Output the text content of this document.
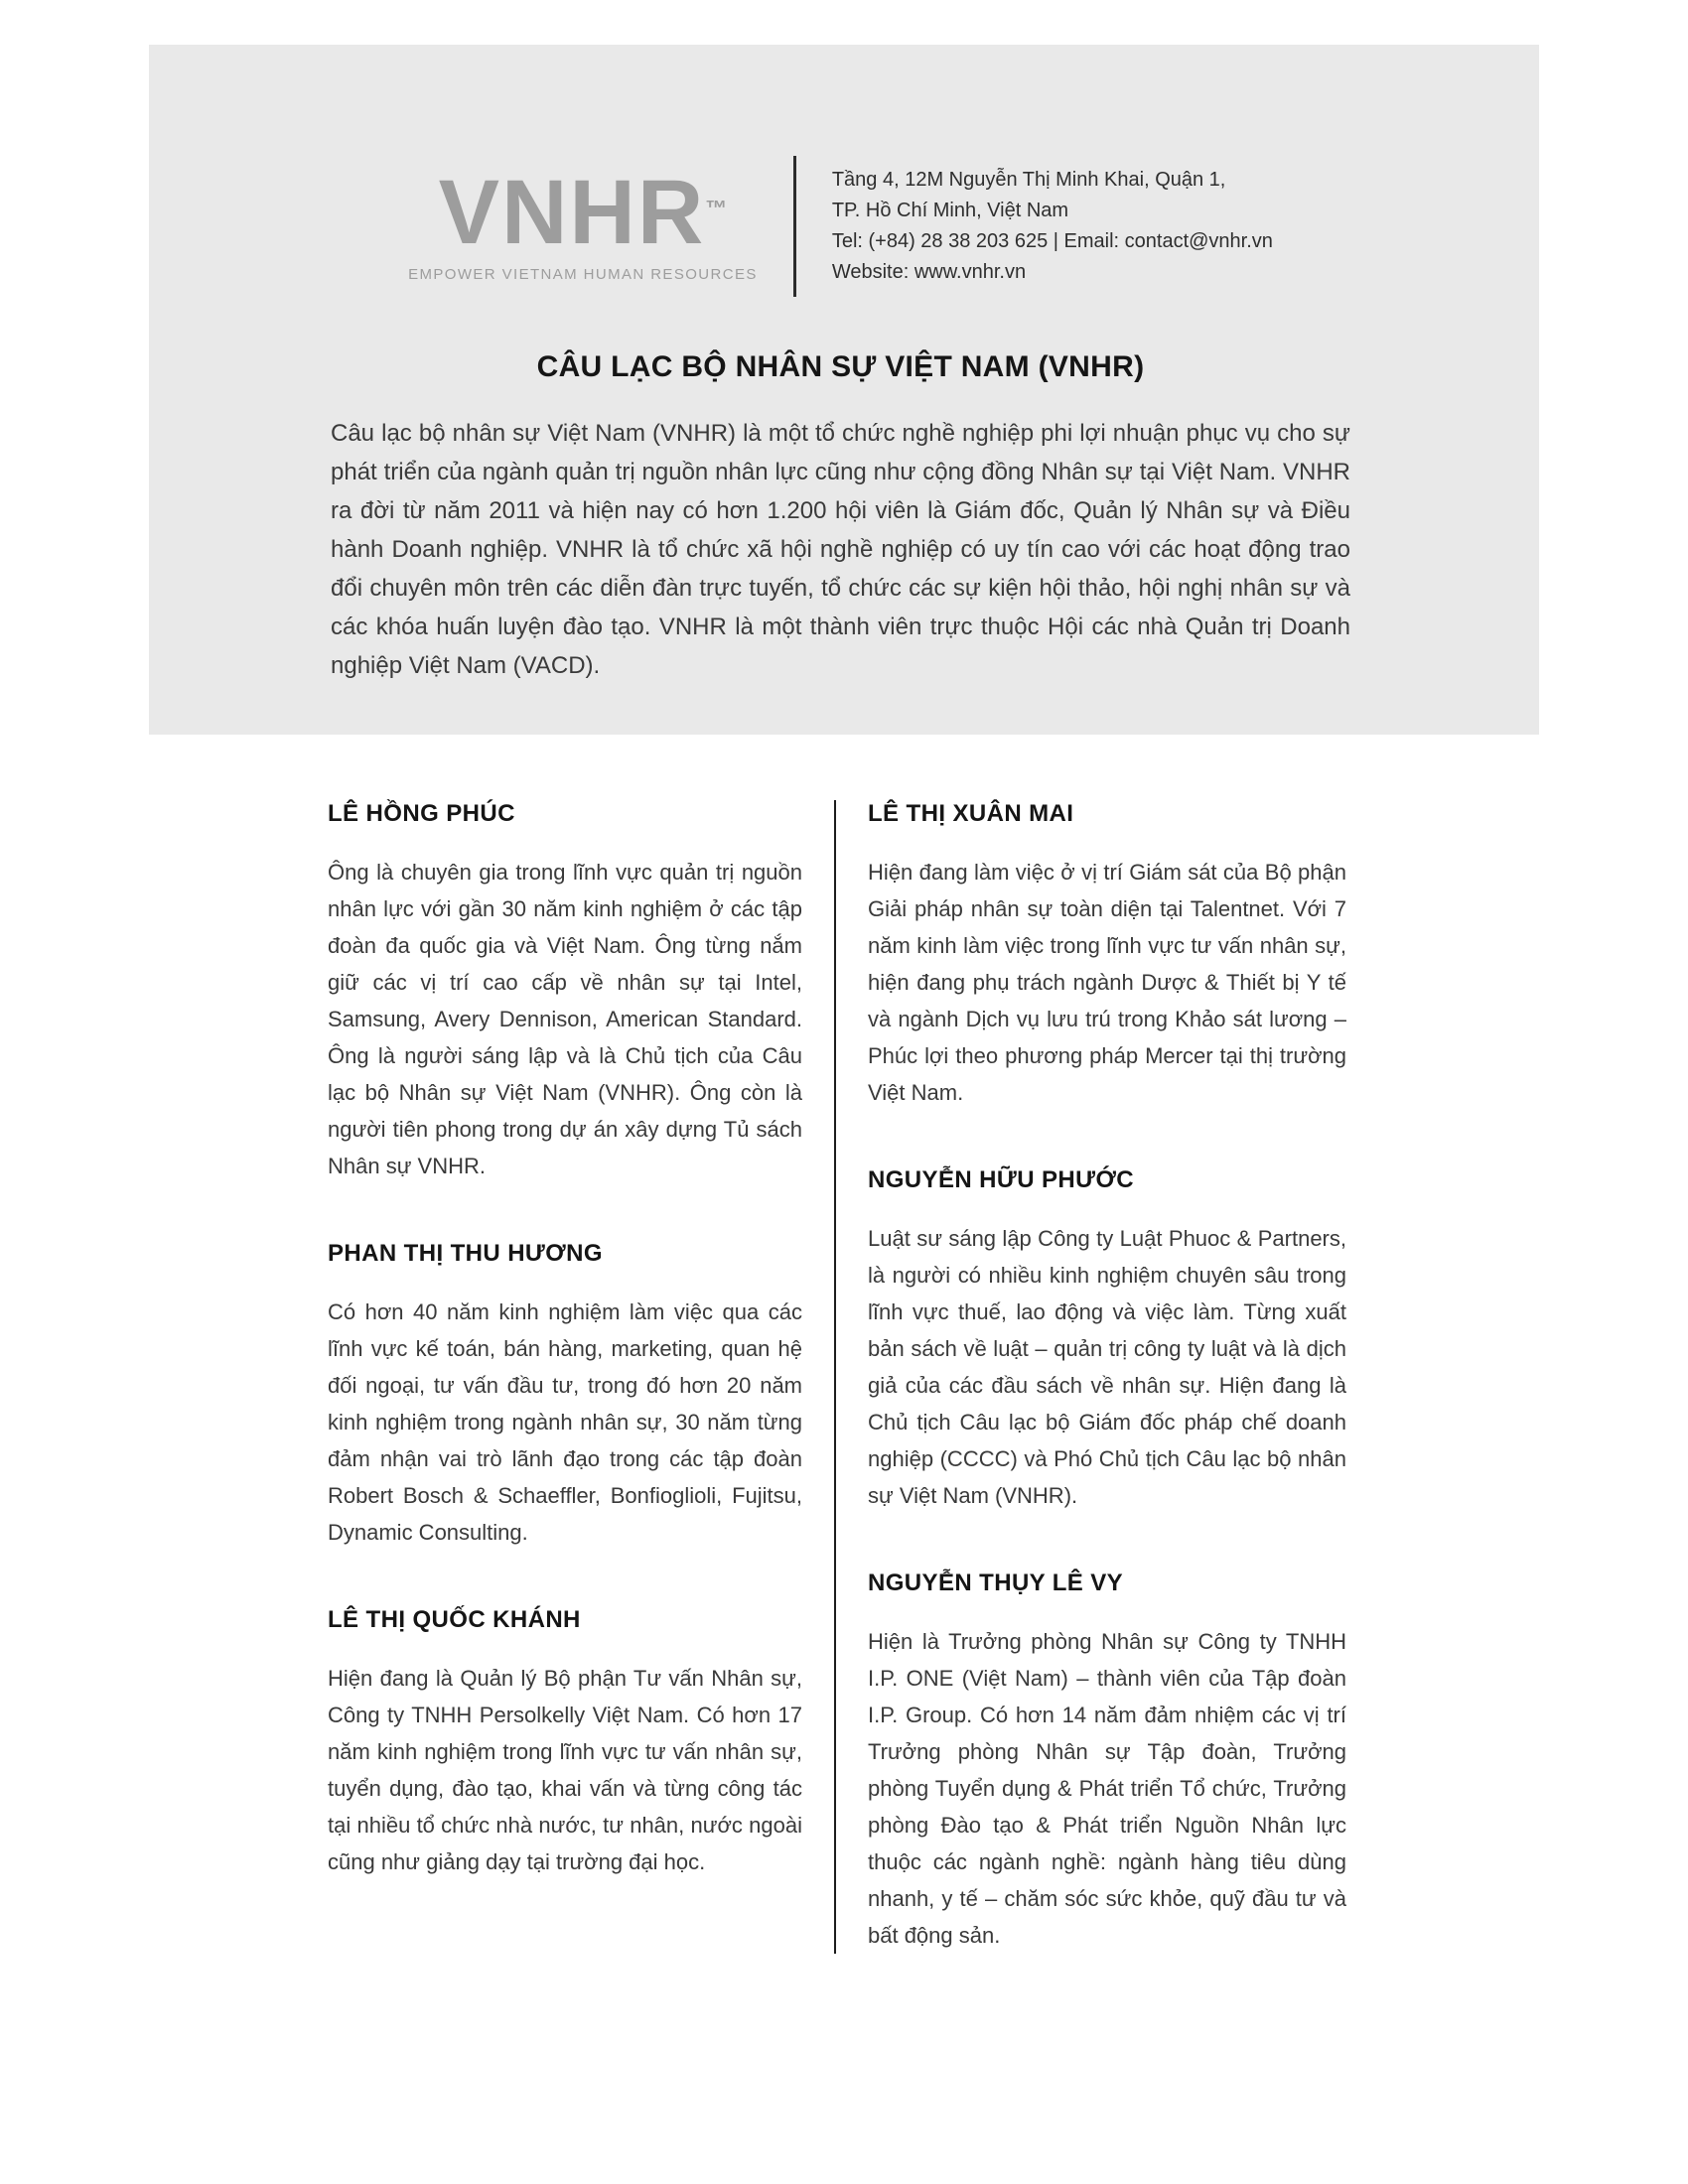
VNHR™
EMPOWER VIETNAM HUMAN RESOURCES
Tầng 4, 12M Nguyễn Thị Minh Khai, Quận 1,
TP. Hồ Chí Minh, Việt Nam
Tel: (+84) 28 38 203 625 | Email: contact@vnhr.vn
Website: www.vnhr.vn
CÂU LẠC BỘ NHÂN SỰ VIỆT NAM (VNHR)

Câu lạc bộ nhân sự Việt Nam (VNHR) là một tổ chức nghề nghiệp phi lợi nhuận phục vụ cho sự phát triển của ngành quản trị nguồn nhân lực cũng như cộng đồng Nhân sự tại Việt Nam. VNHR ra đời từ năm 2011 và hiện nay có hơn 1.200 hội viên là Giám đốc, Quản lý Nhân sự và Điều hành Doanh nghiệp. VNHR là tổ chức xã hội nghề nghiệp có uy tín cao với các hoạt động trao đổi chuyên môn trên các diễn đàn trực tuyến, tổ chức các sự kiện hội thảo, hội nghị nhân sự và các khóa huấn luyện đào tạo. VNHR là một thành viên trực thuộc Hội các nhà Quản trị Doanh nghiệp Việt Nam (VACD).

LÊ HỒNG PHÚC

Ông là chuyên gia trong lĩnh vực quản trị nguồn nhân lực với gần 30 năm kinh nghiệm ở các tập đoàn đa quốc gia và Việt Nam. Ông từng nắm giữ các vị trí cao cấp về nhân sự tại Intel, Samsung, Avery Dennison, American Standard. Ông là người sáng lập và là Chủ tịch của Câu lạc bộ Nhân sự Việt Nam (VNHR). Ông còn là người tiên phong trong dự án xây dựng Tủ sách Nhân sự VNHR.

PHAN THỊ THU HƯƠNG

Có hơn 40 năm kinh nghiệm làm việc qua các lĩnh vực kế toán, bán hàng, marketing, quan hệ đối ngoại, tư vấn đầu tư, trong đó hơn 20 năm kinh nghiệm trong ngành nhân sự, 30 năm từng đảm nhận vai trò lãnh đạo trong các tập đoàn Robert Bosch & Schaeffler, Bonfioglioli, Fujitsu, Dynamic Consulting.

LÊ THỊ QUỐC KHÁNH

Hiện đang là Quản lý Bộ phận Tư vấn Nhân sự, Công ty TNHH Persolkelly Việt Nam. Có hơn 17 năm kinh nghiệm trong lĩnh vực tư vấn nhân sự, tuyển dụng, đào tạo, khai vấn và từng công tác tại nhiều tổ chức nhà nước, tư nhân, nước ngoài cũng như giảng dạy tại trường đại học.

LÊ THỊ XUÂN MAI

Hiện đang làm việc ở vị trí Giám sát của Bộ phận Giải pháp nhân sự toàn diện tại Talentnet. Với 7 năm kinh làm việc trong lĩnh vực tư vấn nhân sự, hiện đang phụ trách ngành Dược & Thiết bị Y tế và ngành Dịch vụ lưu trú trong Khảo sát lương – Phúc lợi theo phương pháp Mercer tại thị trường Việt Nam.

NGUYỄN HỮU PHƯỚC

Luật sư sáng lập Công ty Luật Phuoc & Partners, là người có nhiều kinh nghiệm chuyên sâu trong lĩnh vực thuế, lao động và việc làm. Từng xuất bản sách về luật – quản trị công ty luật và là dịch giả của các đầu sách về nhân sự. Hiện đang là Chủ tịch Câu lạc bộ Giám đốc pháp chế doanh nghiệp (CCCC) và Phó Chủ tịch Câu lạc bộ nhân sự Việt Nam (VNHR).

NGUYỄN THỤY LÊ VY

Hiện là Trưởng phòng Nhân sự Công ty TNHH I.P. ONE (Việt Nam) – thành viên của Tập đoàn I.P. Group. Có hơn 14 năm đảm nhiệm các vị trí Trưởng phòng Nhân sự Tập đoàn, Trưởng phòng Tuyển dụng & Phát triển Tổ chức, Trưởng phòng Đào tạo & Phát triển Nguồn Nhân lực thuộc các ngành nghề: ngành hàng tiêu dùng nhanh, y tế – chăm sóc sức khỏe, quỹ đầu tư và bất động sản.
